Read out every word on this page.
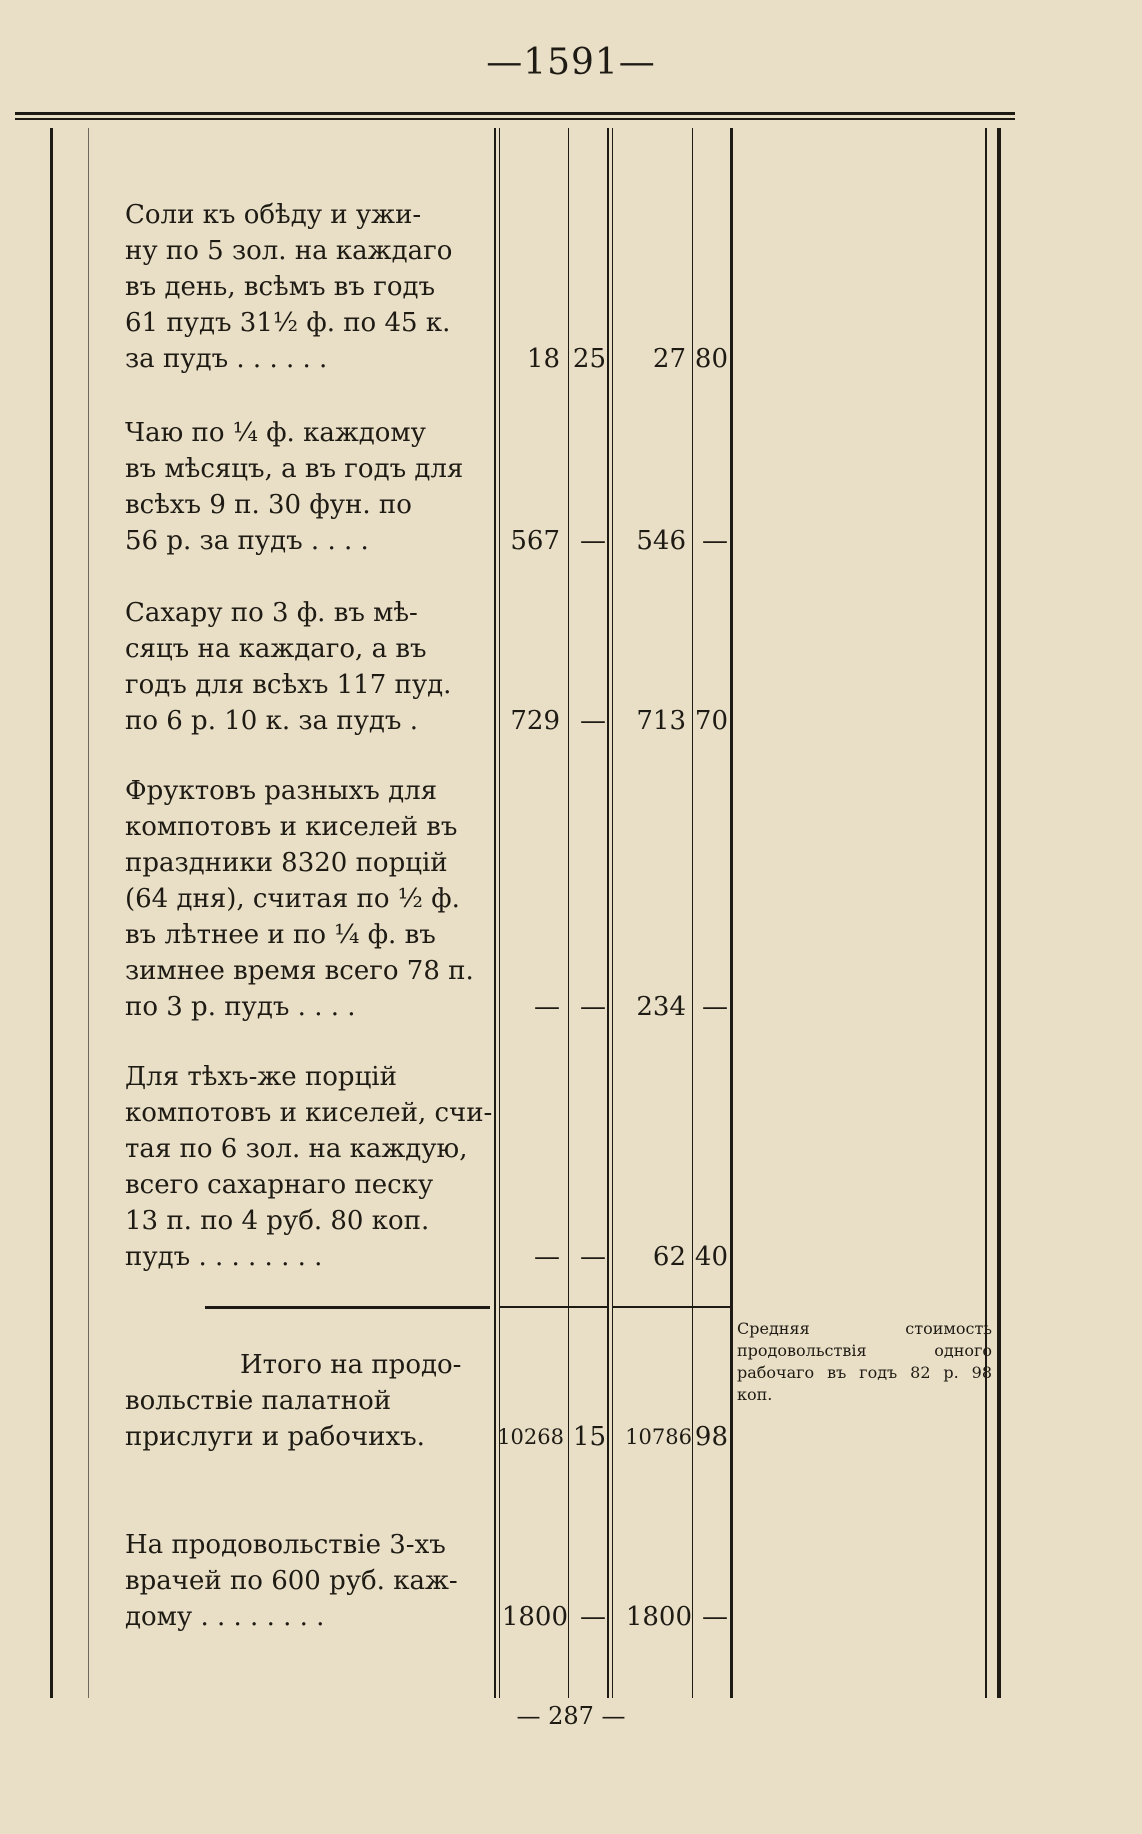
—1591—
Соли къ обѣду и ужи-
ну по 5 зол. на каждаго
въ день, всѣмъ въ годъ
61 пудъ 31½ ф. по 45 к.
за пудъ . . . . . .	18 25 27 80
Чаю по ¼ ф. каждому
въ мѣсяцъ, а въ годъ для
всѣхъ 9 п. 30 фун. по
56 р. за пудъ . . . .	567 — 546 —
Сахару по 3 ф. въ мѣ-
сяцъ на каждаго, а въ
годъ для всѣхъ 117 пуд.
по 6 р. 10 к. за пудъ .	729 — 713 70
Фруктовъ разныхъ для
компотовъ и киселей въ
праздники 8320 порцій
(64 дня), считая по ½ ф.
въ лѣтнее и по ¼ ф. въ
зимнее время всего 78 п.
по 3 р. пудъ . . . .	— — 234 —
Для тѣхъ-же порцій
компотовъ и киселей, счи-
тая по 6 зол. на каждую,
всего сахарнаго песку
13 п. по 4 руб. 80 коп.
пудъ . . . . . . . .	— — 62 40
Итого на продо-
вольствіе палатной
прислуги и рабочихъ.	10268 15 10786 98
На продовольствіе 3-хъ
врачей по 600 руб. каж-
дому . . . . . . . .	1800 — 1800 —
Средняя стоимость продовольствія одного рабочаго въ годъ 82 р. 98 коп.
— 287 —
